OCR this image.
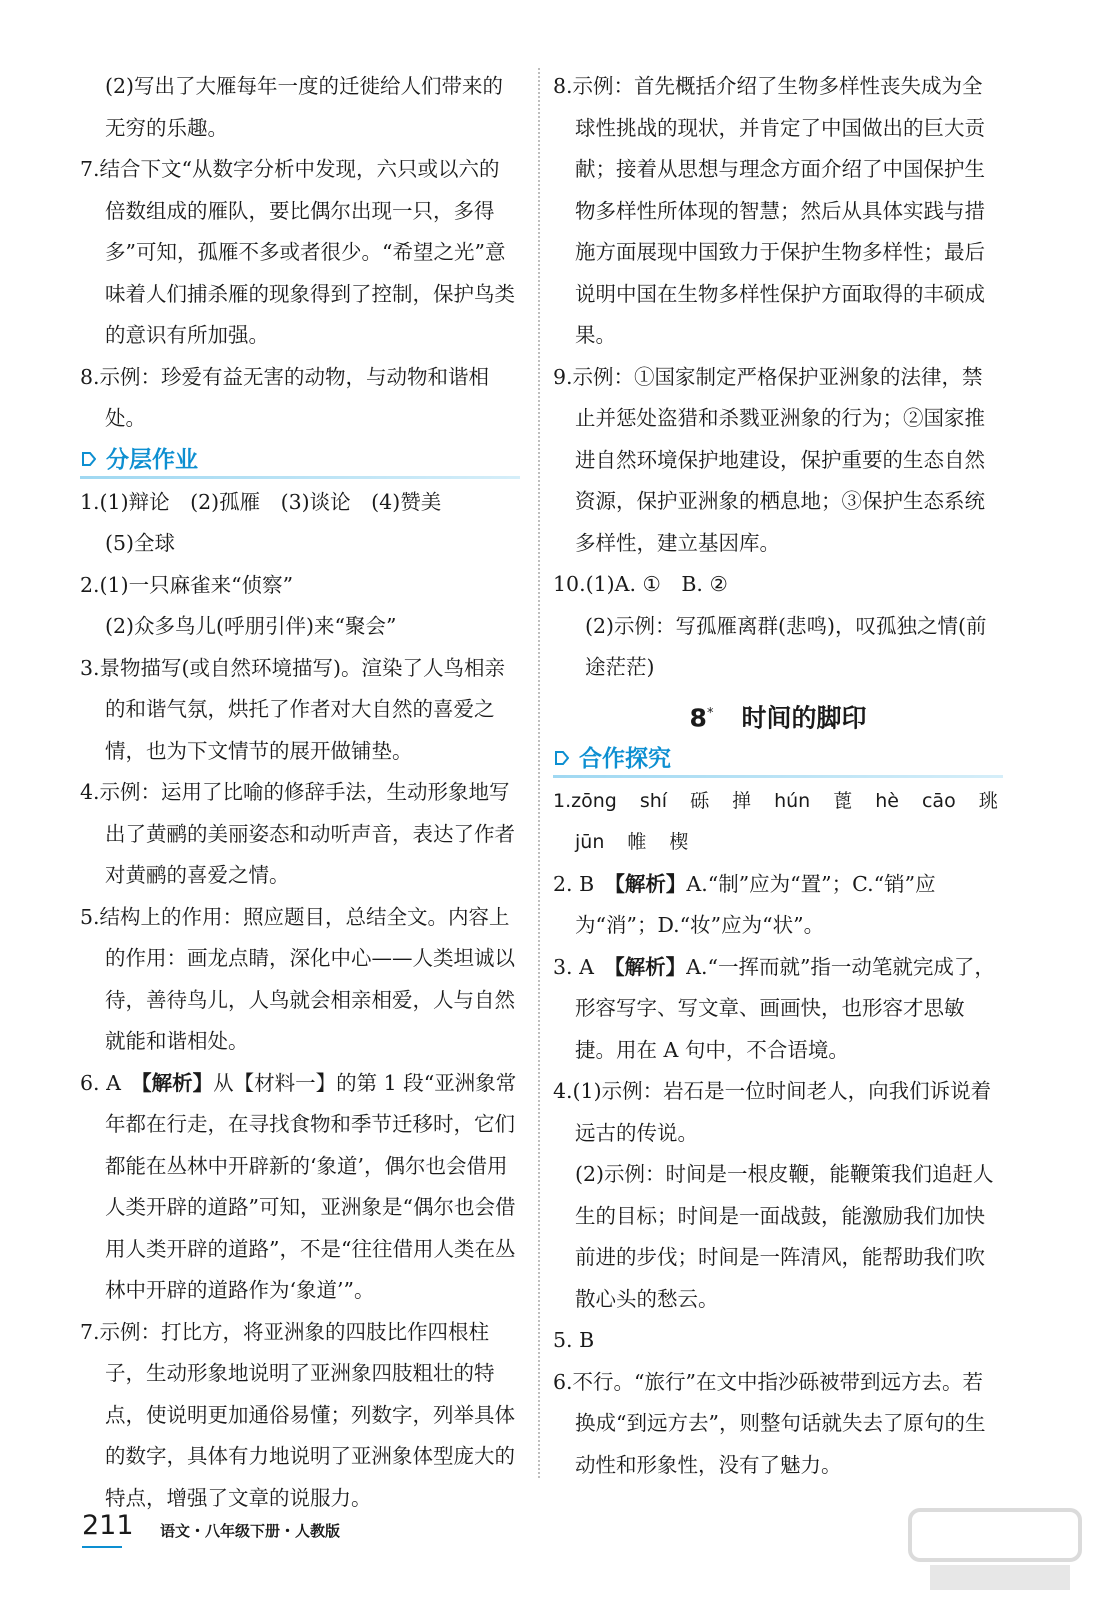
(2)写出了大雁每年一度的迁徙给人们带来的无穷的乐趣。
7.结合下文“从数字分析中发现，六只或以六的倍数组成的雁队，要比偶尔出现一只，多得多”可知，孤雁不多或者很少。“希望之光”意味着人们捕杀雁的现象得到了控制，保护鸟类的意识有所加强。
8.示例：珍爱有益无害的动物，与动物和谐相处。
分层作业
1.(1)辩论　(2)孤雁　(3)谈论　(4)赞美
(5)全球
2.(1)一只麻雀来“侦察”
(2)众多鸟儿(呼朋引伴)来“聚会”
3.景物描写(或自然环境描写)。渲染了人鸟相亲的和谐气氛，烘托了作者对大自然的喜爱之情，也为下文情节的展开做铺垫。
4.示例：运用了比喻的修辞手法，生动形象地写出了黄鹂的美丽姿态和动听声音，表达了作者对黄鹂的喜爱之情。
5.结构上的作用：照应题目，总结全文。内容上的作用：画龙点睛，深化中心——人类坦诚以待，善待鸟儿，人鸟就会相亲相爱，人与自然就能和谐相处。
6. A　【解析】从【材料一】的第 1 段“亚洲象常年都在行走，在寻找食物和季节迁移时，它们都能在丛林中开辟新的‘象道’，偶尔也会借用人类开辟的道路”可知，亚洲象是“偶尔也会借用人类开辟的道路”，不是“往往借用人类在丛林中开辟的道路作为‘象道’”。
7.示例：打比方，将亚洲象的四肢比作四根柱子，生动形象地说明了亚洲象四肢粗壮的特点，使说明更加通俗易懂；列数字，列举具体的数字，具体有力地说明了亚洲象体型庞大的特点，增强了文章的说服力。
8.示例：首先概括介绍了生物多样性丧失成为全球性挑战的现状，并肯定了中国做出的巨大贡献；接着从思想与理念方面介绍了中国保护生物多样性所体现的智慧；然后从具体实践与措施方面展现中国致力于保护生物多样性；最后说明中国在生物多样性保护方面取得的丰硕成果。
9.示例：①国家制定严格保护亚洲象的法律，禁止并惩处盗猎和杀戮亚洲象的行为；②国家推进自然环境保护地建设，保护重要的生态自然资源，保护亚洲象的栖息地；③保护生态系统多样性，建立基因库。
10.(1)A. ①　B. ②
(2)示例：写孤雁离群(悲鸣)，叹孤独之情(前途茫茫)
8* 时间的脚印
合作探究
1.zōng shí 砾 掸 hún 蓖 hè cāo 珧
jūn 帷 楔
2. B　【解析】A.“制”应为“置”；C.“销”应为“消”；D.“妆”应为“状”。
3. A　【解析】A.“一挥而就”指一动笔就完成了，形容写字、写文章、画画快，也形容才思敏捷。用在 A 句中，不合语境。
4.(1)示例：岩石是一位时间老人，向我们诉说着远古的传说。
(2)示例：时间是一根皮鞭，能鞭策我们追赶人生的目标；时间是一面战鼓，能激励我们加快前进的步伐；时间是一阵清风，能帮助我们吹散心头的愁云。
5. B
6.不行。“旅行”在文中指沙砾被带到远方去。若换成“到远方去”，则整句话就失去了原句的生动性和形象性，没有了魅力。
211 语文・八年级下册・人教版
